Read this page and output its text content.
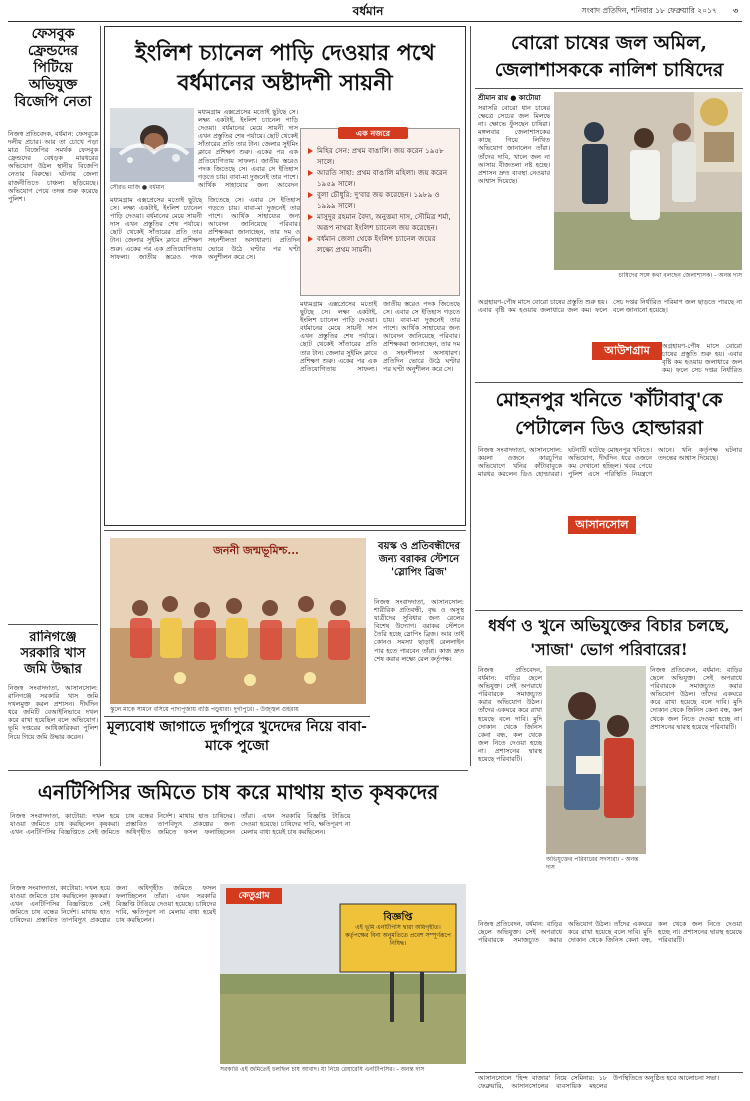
বর্ধমান	সংবাদ প্রতিদিন, শনিবার ১৮ ফেব্রুয়ারি ২০১৭ ৩
ফেসবুক ফ্রেন্ডদের পিটিয়ে অভিযুক্ত বিজেপি নেতা
নিজস্ব প্রতিবেদক, বর্ধমান: ফেসবুকে দলীয় প্রচার। আর তা চোখে পড়া মাত্র বিজেপির সমর্থক ফেসবুক ফ্রেন্ডদের বেধড়ক মারধরের অভিযোগ উঠল স্থানীয় বিজেপি নেতার বিরুদ্ধে। ঘটনায় জেলা রাজনীতিতে চাঞ্চল্য ছড়িয়েছে। অভিযোগ পেয়ে তদন্ত শুরু করেছে পুলিশ।
রানিগঞ্জে সরকারি খাস জমি উদ্ধার
নিজস্ব সংবাদদাতা, আসানসোল: রানিগঞ্জে সরকারি খাস জমি দখলমুক্ত করল প্রশাসন। দীর্ঘদিন ধরে জমিটি বেআইনিভাবে দখল করে রাখা হয়েছিল বলে অভিযোগ। ভূমি দপ্তরের আধিকারিকরা পুলিশ নিয়ে গিয়ে জমি উদ্ধার করেন।
ইংলিশ চ্যানেল পাড়ি দেওয়ার পথে বর্ধমানের অষ্টাদশী সায়নী
সৌরভ মাজি ● বর্ধমান
মধ্যমগ্রাম এক্সপ্রেসের মতোই ছুটছে সে। লক্ষ্য একটাই, ইংলিশ চ্যানেল পাড়ি দেওয়া। বর্ধমানের মেয়ে সায়নী দাস এখন প্রস্তুতির শেষ পর্যায়ে। ছোট থেকেই সাঁতারের প্রতি তার টান। জেলার সুইমিং ক্লাবে প্রশিক্ষণ শুরু। একের পর এক প্রতিযোগিতায় সাফল্য। জাতীয় স্তরেও পদক জিতেছে সে। এবার সে ইতিহাস গড়তে চায়। বাবা-মা দুজনেই তার পাশে। আর্থিক সাহায্যের জন্য আবেদন
মধ্যমগ্রাম এক্সপ্রেসের মতোই ছুটছে সে। লক্ষ্য একটাই, ইংলিশ চ্যানেল পাড়ি দেওয়া। বর্ধমানের মেয়ে সায়নী দাস এখন প্রস্তুতির শেষ পর্যায়ে। ছোট থেকেই সাঁতারের প্রতি তার টান। জেলার সুইমিং ক্লাবে প্রশিক্ষণ শুরু। একের পর এক প্রতিযোগিতায় সাফল্য। জাতীয় স্তরেও পদক জিতেছে সে। এবার সে ইতিহাস গড়তে চায়। বাবা-মা দুজনেই তার পাশে। আর্থিক সাহায্যের জন্য আবেদন জানিয়েছে পরিবার। প্রশিক্ষকরা জানাচ্ছেন, তার দম ও সহনশীলতা অসাধারণ। প্রতিদিন ভোরে উঠে ঘণ্টার পর ঘণ্টা অনুশীলন করে সে।
মধ্যমগ্রাম এক্সপ্রেসের মতোই ছুটছে সে। লক্ষ্য একটাই, ইংলিশ চ্যানেল পাড়ি দেওয়া। বর্ধমানের মেয়ে সায়নী দাস এখন প্রস্তুতির শেষ পর্যায়ে। ছোট থেকেই সাঁতারের প্রতি তার টান। জেলার সুইমিং ক্লাবে প্রশিক্ষণ শুরু। একের পর এক প্রতিযোগিতায় সাফল্য। জাতীয় স্তরেও পদক জিতেছে সে। এবার সে ইতিহাস গড়তে চায়। বাবা-মা দুজনেই তার পাশে। আর্থিক সাহায্যের জন্য আবেদন জানিয়েছে পরিবার। প্রশিক্ষকরা জানাচ্ছেন, তার দম ও সহনশীলতা অসাধারণ। প্রতিদিন ভোরে উঠে ঘণ্টার পর ঘণ্টা অনুশীলন করে সে।
মিহির সেন: প্রথম বাঙালি। জয় করেন ১৯৫৮ সালে।
আরতি সাহা: প্রথম বাঙালি মহিলা। জয় করেন ১৯৫৯ সালে।
বুলা চৌধুরি: দু'বার জয় করেছেন। ১৯৮৯ ও ১৯৯৯ সালে।
মাসুদুর রহমান বৈদ্য, অনুত্তমা দাস, সৌমিত্র শর্মা, অরূপ নাথরা ইংলিশ চ্যানেল জয় করেছেন।
বর্ধমান জেলা থেকে ইংলিশ চ্যানেল জয়ের লক্ষ্যে প্রথম সায়নী।
এক নজরে
বোরো চাষের জল অমিল, জেলাশাসককে নালিশ চাষিদের
শ্রীমান রায় ● কাটোয়া
সরাসরি বোরো ধান চাষের ক্ষেত্রে সেচের জল মিলছে না। ক্ষোভে ফুঁসছেন চাষিরা। মঙ্গলবার জেলাশাসকের কাছে গিয়ে লিখিত অভিযোগ জানালেন তাঁরা। তাঁদের দাবি, খালে জল না আসায় বীজতলা নষ্ট হচ্ছে। প্রশাসন দ্রুত ব্যবস্থা নেওয়ার আশ্বাস দিয়েছে।
চাষিদের সঙ্গে কথা বলছেন জেলাশাসক। - অনন্ত দাস
অগ্রহায়ণ-পৌষ মাসে বোরো চাষের প্রস্তুতি শুরু হয়। এবার বৃষ্টি কম হওয়ায় জলাধারে জল কম। ফলে সেচ দপ্তর নির্ধারিত পরিমাণ জল ছাড়তে পারছে না বলে জানানো হয়েছে।
আউশগ্রাম	অগ্রহায়ণ-পৌষ মাসে বোরো চাষের প্রস্তুতি শুরু হয়। এবার বৃষ্টি কম হওয়ায় জলাধারে জল কম। ফলে সেচ দপ্তর নির্ধারিত
মোহনপুর খনিতে 'কাঁটাবাবু'কে পেটালেন ডিও হোল্ডাররা
নিজস্ব সংবাদদাতা, আসানসোল: কয়লা ওজনে কারচুপির অভিযোগে খনির কাঁটাবাবুকে মারধর করলেন ডিও হোল্ডাররা। ঘটনাটি ঘটেছে মোহনপুর খনিতে। অভিযোগ, দীর্ঘদিন ধরে ওজনে কম দেখানো হচ্ছিল। খবর পেয়ে পুলিশ এসে পরিস্থিতি নিয়ন্ত্রণে আনে। খনি কর্তৃপক্ষ ঘটনার তদন্তের আশ্বাস দিয়েছে।
আসানসোল
জননী জন্মভূমিশ্চ...
স্কুলে মাকে সামনে বসিয়ে পাদ্যপূজায় ব্যস্তি পড়ুয়ারা। দুর্গাপুরে। - উজ্জ্বল গুহরায়
বয়স্ক ও প্রতিবন্ধীদের জন্য বরাকর স্টেশনে 'স্লোপিং ব্রিজ'
নিজস্ব সংবাদদাতা, আসানসোল: শারীরিক প্রতিবন্ধী, বৃদ্ধ ও অসুস্থ যাত্রীদের সুবিধার জন্য রেলের বিশেষ উদ্যোগ। বরাকর স্টেশনে তৈরি হচ্ছে স্লোপিং ব্রিজ। আর তাই কোনও সমস্যা ছাড়াই রেললাইন পার হতে পারবেন তাঁরা। কাজ দ্রুত শেষ করার লক্ষ্যে রেল কর্তৃপক্ষ।
মূল্যবোধ জাগাতে দুর্গাপুরে খুদেদের নিয়ে বাবা-মাকে পুজো
এনটিপিসির জমিতে চাষ করে মাথায় হাত কৃষকদের
নিজস্ব সংবাদদাতা, কাটোয়া: দখল হয়ে যাওয়া জমিতে চাষ করছিলেন কৃষকরা। এখন এনটিপিসির বিজ্ঞপ্তিতে সেই জমিতে চাষ বন্ধের নির্দেশ। মাথায় হাত চাষিদের। প্রস্তাবিত তাপবিদ্যুৎ প্রকল্পের জন্য অধিগৃহীত জমিতে ফসল ফলাচ্ছিলেন তাঁরা। এখন সরকারি বিজ্ঞপ্তি টাঙিয়ে দেওয়া হয়েছে। চাষিদের দাবি, ক্ষতিপূরণ না মেলায় বাধ্য হয়েই চাষ করছিলেন।
বিজ্ঞপ্তি
এই ভূমি এনটিপিসি দ্বারা অধিগৃহীত। কর্তৃপক্ষের বিনা অনুমতিতে প্রবেশ সম্পূর্ণরূপে নিষিদ্ধ।
কেতুগ্রাম
সরকারি এই জমিতেই চলছিল চাষ আবাদ। যা নিয়ে রেষারেষি এনটিপিসির। - অনন্ত দাস
নিজস্ব সংবাদদাতা, কাটোয়া: দখল হয়ে যাওয়া জমিতে চাষ করছিলেন কৃষকরা। এখন এনটিপিসির বিজ্ঞপ্তিতে সেই জমিতে চাষ বন্ধের নির্দেশ। মাথায় হাত চাষিদের। প্রস্তাবিত তাপবিদ্যুৎ প্রকল্পের জন্য অধিগৃহীত জমিতে ফসল ফলাচ্ছিলেন তাঁরা। এখন সরকারি বিজ্ঞপ্তি টাঙিয়ে দেওয়া হয়েছে। চাষিদের দাবি, ক্ষতিপূরণ না মেলায় বাধ্য হয়েই চাষ করছিলেন।
ধর্ষণ ও খুনে অভিযুক্তের বিচার চলছে, 'সাজা' ভোগ পরিবারের!
নিজস্ব প্রতিবেদন, বর্ধমান: বাড়ির ছেলে অভিযুক্ত। সেই অপরাধে পরিবারকে সমাজচ্যুত করার অভিযোগ উঠল। তাঁদের একঘরে করে রাখা হয়েছে বলে দাবি। মুদি দোকান থেকে জিনিস কেনা বন্ধ, কল থেকে জল নিতে দেওয়া হচ্ছে না। প্রশাসনের দ্বারস্থ হয়েছে পরিবারটি।
অভিযুক্তের পরিবারের সদস্যরা। - অনন্ত দাস
নিজস্ব প্রতিবেদন, বর্ধমান: বাড়ির ছেলে অভিযুক্ত। সেই অপরাধে পরিবারকে সমাজচ্যুত করার অভিযোগ উঠল। তাঁদের একঘরে করে রাখা হয়েছে বলে দাবি। মুদি দোকান থেকে জিনিস কেনা বন্ধ, কল থেকে জল নিতে দেওয়া হচ্ছে না। প্রশাসনের দ্বারস্থ হয়েছে পরিবারটি।
নিজস্ব প্রতিবেদন, বর্ধমান: বাড়ির ছেলে অভিযুক্ত। সেই অপরাধে পরিবারকে সমাজচ্যুত করার অভিযোগ উঠল। তাঁদের একঘরে করে রাখা হয়েছে বলে দাবি। মুদি দোকান থেকে জিনিস কেনা বন্ধ, কল থেকে জল নিতে দেওয়া হচ্ছে না। প্রশাসনের দ্বারস্থ হয়েছে পরিবারটি।
আসানসোলে 'হিন্দ বাজার' নিয়ে সেমিনার: ১৮ ফেব্রুয়ারি, আসানসোলের ব্যবসায়িক মহলের উপস্থিতিতে অনুষ্ঠিত হবে আলোচনা সভা।
